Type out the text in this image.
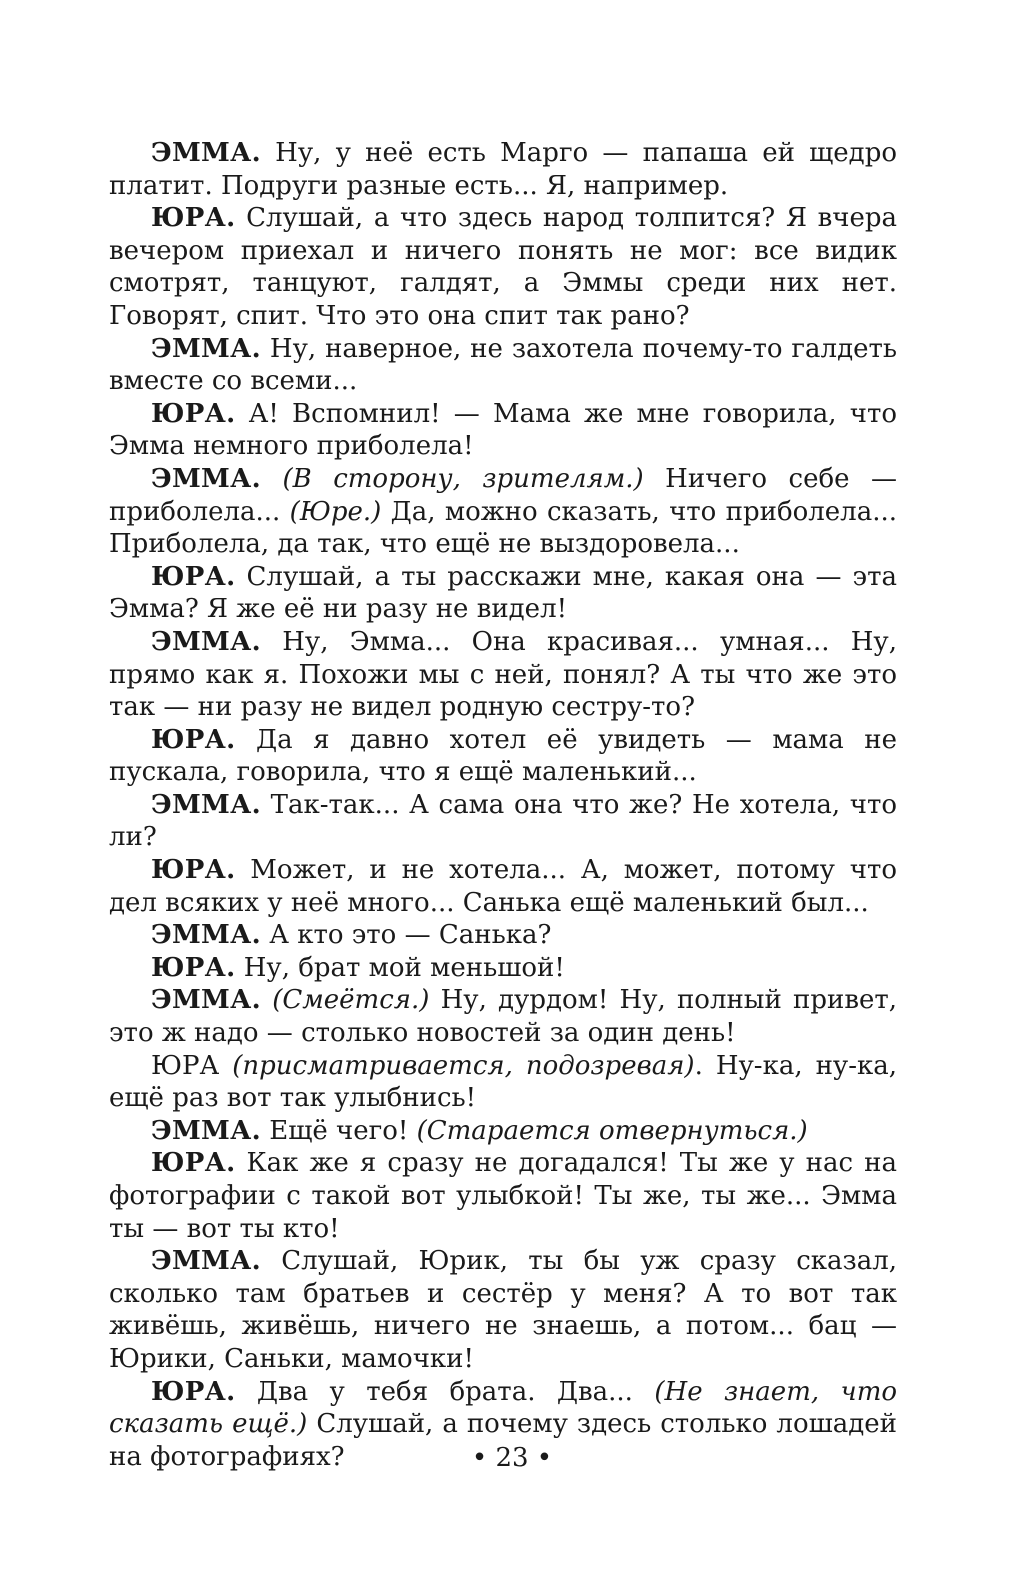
ЭММА. Ну, у неё есть Марго — папаша ей щедро платит. Подруги разные есть... Я, например.

ЮРА. Слушай, а что здесь народ толпится? Я вчера вечером приехал и ничего понять не мог: все видик смотрят, танцуют, галдят, а Эммы среди них нет. Говорят, спит. Что это она спит так рано?

ЭММА. Ну, наверное, не захотела почему-то галдеть вместе со всеми...

ЮРА. А! Вспомнил! — Мама же мне говорила, что Эмма немного приболела!

ЭММА. (В сторону, зрителям.) Ничего себе — приболела... (Юре.) Да, можно сказать, что приболела... Приболела, да так, что ещё не выздоровела...

ЮРА. Слушай, а ты расскажи мне, какая она — эта Эмма? Я же её ни разу не видел!

ЭММА. Ну, Эмма... Она красивая... умная... Ну, прямо как я. Похожи мы с ней, понял? А ты что же это так — ни разу не видел родную сестру-то?

ЮРА. Да я давно хотел её увидеть — мама не пускала, говорила, что я ещё маленький...

ЭММА. Так-так... А сама она что же? Не хотела, что ли?

ЮРА. Может, и не хотела... А, может, потому что дел всяких у неё много... Санька ещё маленький был...

ЭММА. А кто это — Санька?

ЮРА. Ну, брат мой меньшой!

ЭММА. (Смеётся.) Ну, дурдом! Ну, полный привет, это ж надо — столько новостей за один день!

ЮРА (присматривается, подозревая). Ну-ка, ну-ка, ещё раз вот так улыбнись!

ЭММА. Ещё чего! (Старается отвернуться.)

ЮРА. Как же я сразу не догадался! Ты же у нас на фотографии с такой вот улыбкой! Ты же, ты же... Эмма ты — вот ты кто!

ЭММА. Слушай, Юрик, ты бы уж сразу сказал, сколько там братьев и сестёр у меня? А то вот так живёшь, живёшь, ничего не знаешь, а потом... бац — Юрики, Саньки, мамочки!

ЮРА. Два у тебя брата. Два... (Не знает, что сказать ещё.) Слушай, а почему здесь столько лошадей на фотографиях?	• 23 •
